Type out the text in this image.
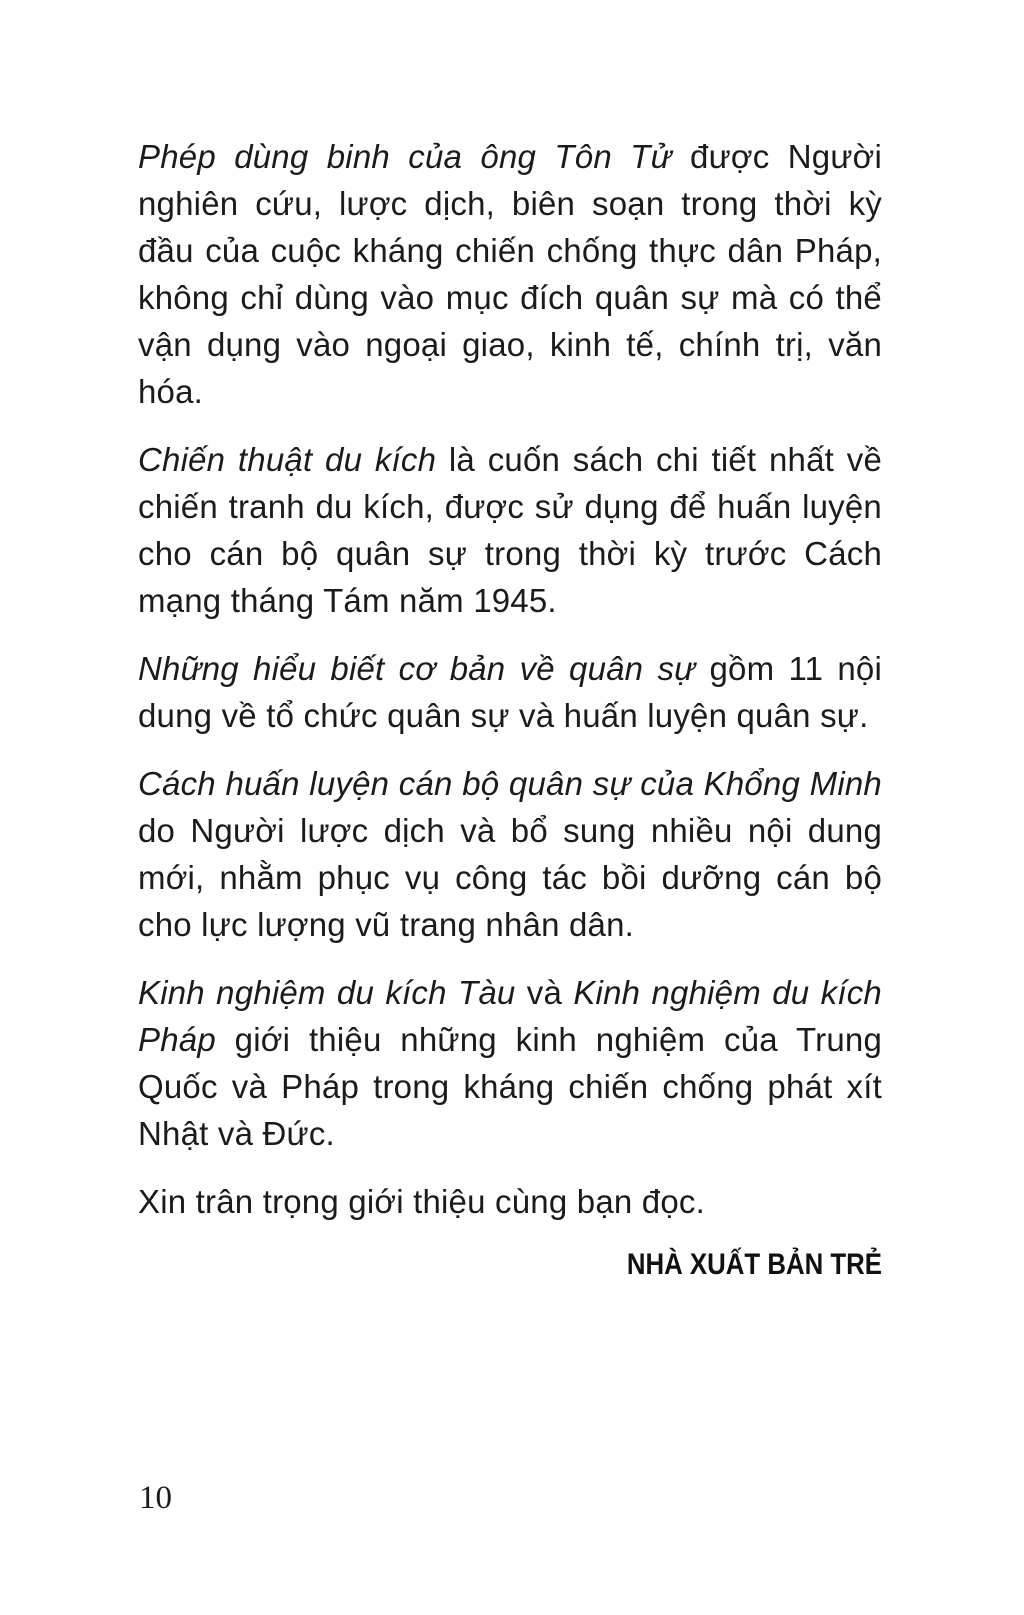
Phép dùng binh của ông Tôn Tử được Người nghiên cứu, lược dịch, biên soạn trong thời kỳ đầu của cuộc kháng chiến chống thực dân Pháp, không chỉ dùng vào mục đích quân sự mà có thể vận dụng vào ngoại giao, kinh tế, chính trị, văn hóa.

Chiến thuật du kích là cuốn sách chi tiết nhất về chiến tranh du kích, được sử dụng để huấn luyện cho cán bộ quân sự trong thời kỳ trước Cách mạng tháng Tám năm 1945.

Những hiểu biết cơ bản về quân sự gồm 11 nội dung về tổ chức quân sự và huấn luyện quân sự.

Cách huấn luyện cán bộ quân sự của Khổng Minh do Người lược dịch và bổ sung nhiều nội dung mới, nhằm phục vụ công tác bồi dưỡng cán bộ cho lực lượng vũ trang nhân dân.

Kinh nghiệm du kích Tàu và Kinh nghiệm du kích Pháp giới thiệu những kinh nghiệm của Trung Quốc và Pháp trong kháng chiến chống phát xít Nhật và Đức.

Xin trân trọng giới thiệu cùng bạn đọc.

NHÀ XUẤT BẢN TRẺ
10
